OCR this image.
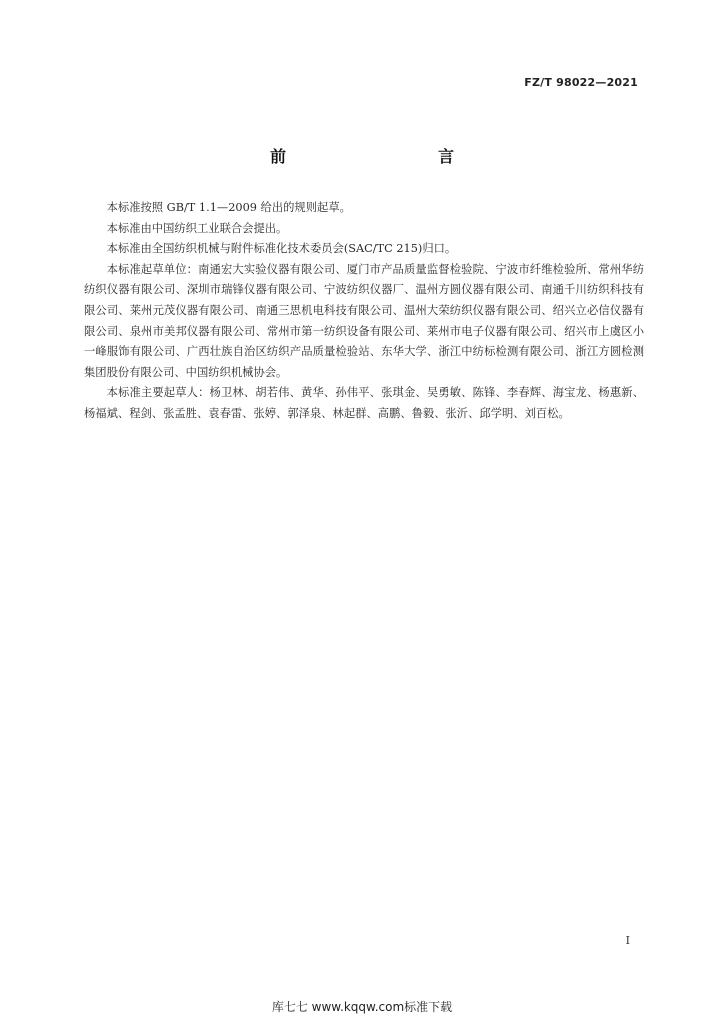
FZ/T 98022—2021
前　　言

本标准按照 GB/T 1.1—2009 给出的规则起草。

本标准由中国纺织工业联合会提出。

本标准由全国纺织机械与附件标准化技术委员会(SAC/TC 215)归口。

本标准起草单位：南通宏大实验仪器有限公司、厦门市产品质量监督检验院、宁波市纤维检验所、常州华纺纺织仪器有限公司、深圳市瑞锋仪器有限公司、宁波纺织仪器厂、温州方圆仪器有限公司、南通千川纺织科技有限公司、莱州元茂仪器有限公司、南通三思机电科技有限公司、温州大荣纺织仪器有限公司、绍兴立必信仪器有限公司、泉州市美邦仪器有限公司、常州市第一纺织设备有限公司、莱州市电子仪器有限公司、绍兴市上虞区小一峰服饰有限公司、广西壮族自治区纺织产品质量检验站、东华大学、浙江中纺标检测有限公司、浙江方圆检测集团股份有限公司、中国纺织机械协会。

本标准主要起草人：杨卫林、胡若伟、黄华、孙伟平、张琪金、吴勇敏、陈锋、李春辉、海宝龙、杨惠新、杨福斌、程剑、张孟胜、袁春雷、张婷、郭泽泉、林起群、高鹏、鲁毅、张沂、邱学明、刘百松。

I
库七七 www.kqqw.com标准下载
